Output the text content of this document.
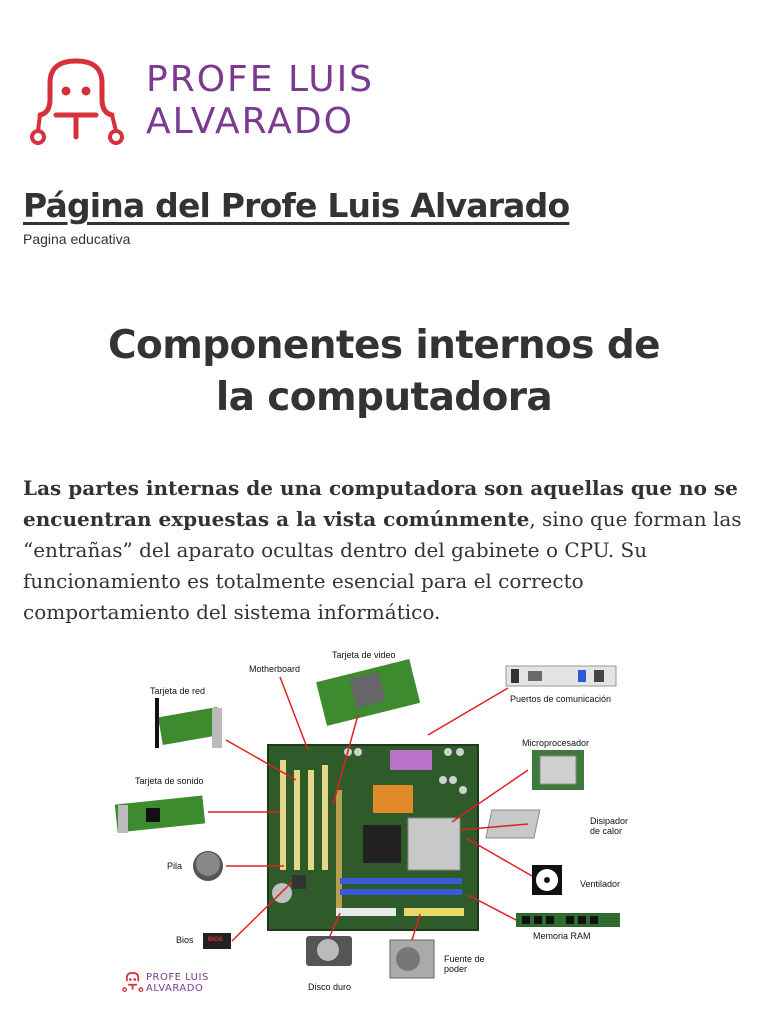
PROFE LUIS
ALVARADO
Página del Profe Luis Alvarado
Pagina educativa
Componentes internos de
la computadora

Las partes internas de una computadora son aquellas que no se encuentran expuestas a la vista comúnmente, sino que forman las “entrañas” del aparato ocultas dentro del gabinete o CPU. Su funcionamiento es totalmente esencial para el correcto comportamiento del sistema informático.

Tarjeta de video
Motherboard
Tarjeta de red
Puertos de comunicación
Microprocesador
Tarjeta de sonido
Disipador
de calor
Pila
Ventilador
Memoria RAM
Bios BIOS
Fuente de
poder
Disco duro
PROFE LUIS
ALVARADO
